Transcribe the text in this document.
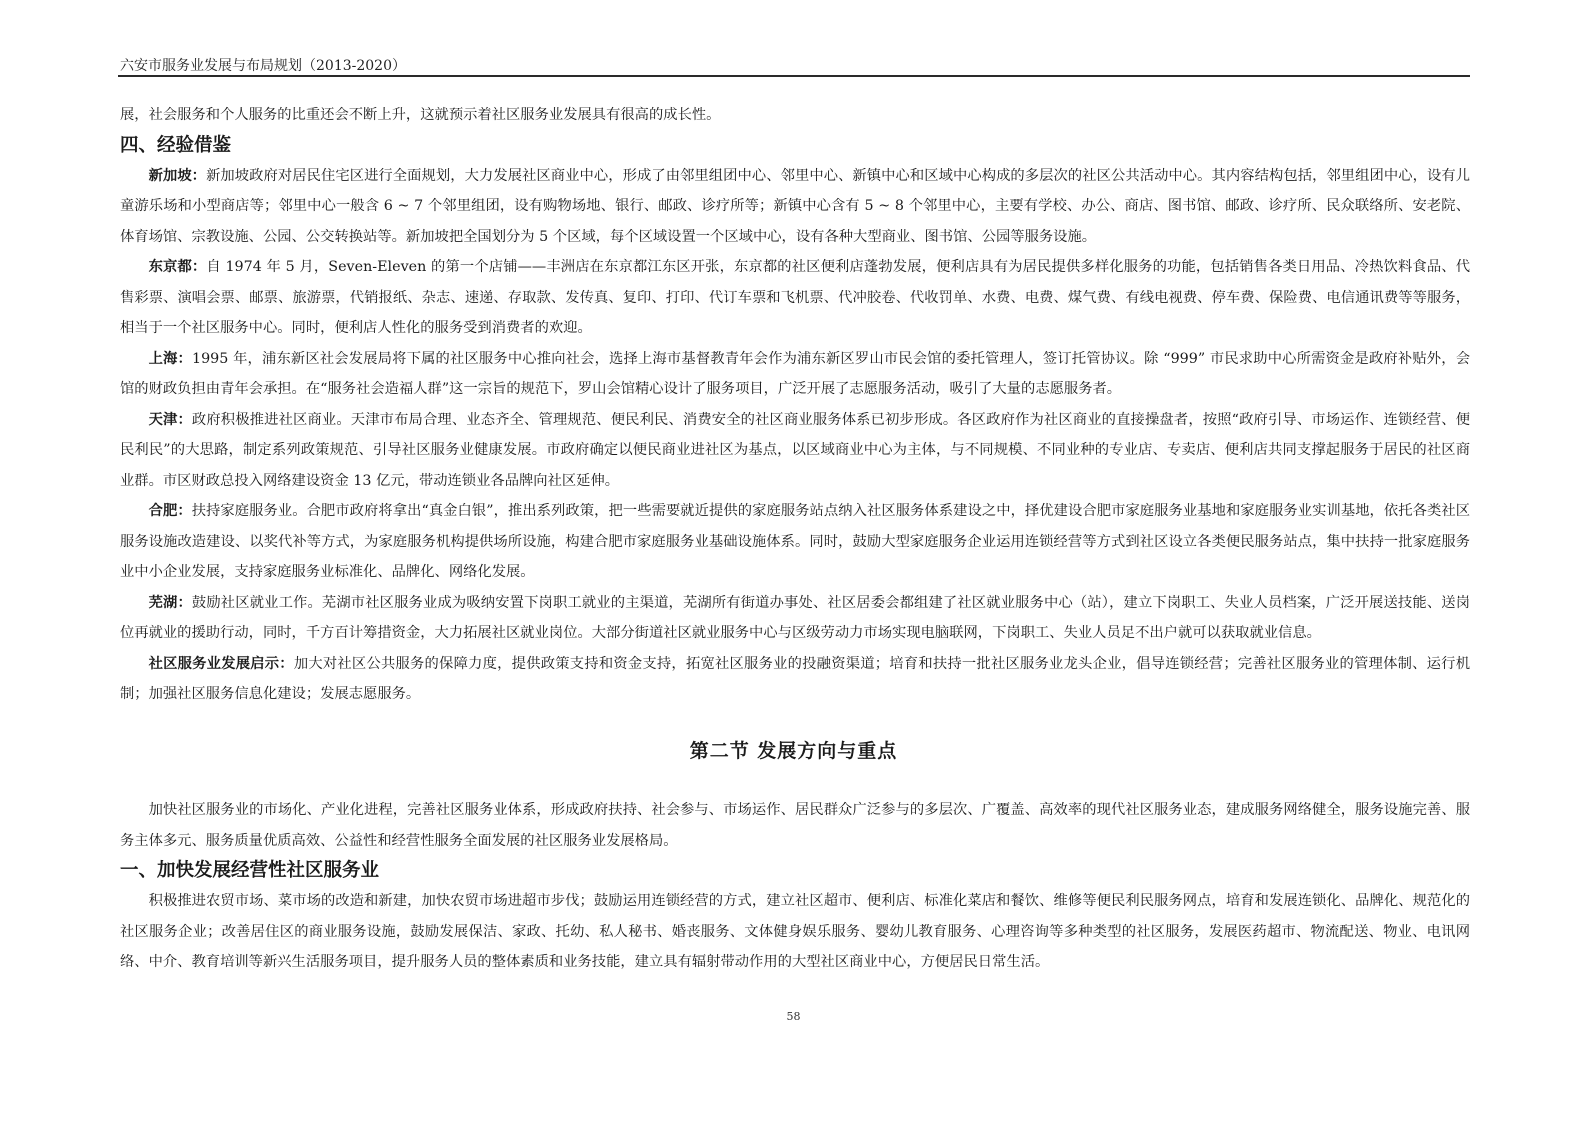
六安市服务业发展与布局规划（2013-2020）

展，社会服务和个人服务的比重还会不断上升，这就预示着社区服务业发展具有很高的成长性。

四、经验借鉴

新加坡：新加坡政府对居民住宅区进行全面规划，大力发展社区商业中心，形成了由邻里组团中心、邻里中心、新镇中心和区域中心构成的多层次的社区公共活动中心。其内容结构包括，邻里组团中心，设有儿童游乐场和小型商店等；邻里中心一般含 6 ~ 7 个邻里组团，设有购物场地、银行、邮政、诊疗所等；新镇中心含有 5 ~ 8 个邻里中心，主要有学校、办公、商店、图书馆、邮政、诊疗所、民众联络所、安老院、体育场馆、宗教设施、公园、公交转换站等。新加坡把全国划分为 5 个区域，每个区域设置一个区域中心，设有各种大型商业、图书馆、公园等服务设施。

东京都：自 1974 年 5 月，Seven-Eleven 的第一个店铺——丰洲店在东京都江东区开张，东京都的社区便利店蓬勃发展，便利店具有为居民提供多样化服务的功能，包括销售各类日用品、冷热饮料食品、代售彩票、演唱会票、邮票、旅游票，代销报纸、杂志、速递、存取款、发传真、复印、打印、代订车票和飞机票、代冲胶卷、代收罚单、水费、电费、煤气费、有线电视费、停车费、保险费、电信通讯费等等服务，相当于一个社区服务中心。同时，便利店人性化的服务受到消费者的欢迎。

上海：1995 年，浦东新区社会发展局将下属的社区服务中心推向社会，选择上海市基督教青年会作为浦东新区罗山市民会馆的委托管理人，签订托管协议。除 “999” 市民求助中心所需资金是政府补贴外，会馆的财政负担由青年会承担。在“服务社会造福人群”这一宗旨的规范下，罗山会馆精心设计了服务项目，广泛开展了志愿服务活动，吸引了大量的志愿服务者。

天津：政府积极推进社区商业。天津市布局合理、业态齐全、管理规范、便民利民、消费安全的社区商业服务体系已初步形成。各区政府作为社区商业的直接操盘者，按照“政府引导、市场运作、连锁经营、便民利民”的大思路，制定系列政策规范、引导社区服务业健康发展。市政府确定以便民商业进社区为基点，以区域商业中心为主体，与不同规模、不同业种的专业店、专卖店、便利店共同支撑起服务于居民的社区商业群。市区财政总投入网络建设资金 13 亿元，带动连锁业各品牌向社区延伸。

合肥：扶持家庭服务业。合肥市政府将拿出“真金白银”，推出系列政策，把一些需要就近提供的家庭服务站点纳入社区服务体系建设之中，择优建设合肥市家庭服务业基地和家庭服务业实训基地，依托各类社区服务设施改造建设、以奖代补等方式，为家庭服务机构提供场所设施，构建合肥市家庭服务业基础设施体系。同时，鼓励大型家庭服务企业运用连锁经营等方式到社区设立各类便民服务站点，集中扶持一批家庭服务业中小企业发展，支持家庭服务业标准化、品牌化、网络化发展。

芜湖：鼓励社区就业工作。芜湖市社区服务业成为吸纳安置下岗职工就业的主渠道，芜湖所有街道办事处、社区居委会都组建了社区就业服务中心（站），建立下岗职工、失业人员档案，广泛开展送技能、送岗位再就业的援助行动，同时，千方百计筹措资金，大力拓展社区就业岗位。大部分街道社区就业服务中心与区级劳动力市场实现电脑联网，下岗职工、失业人员足不出户就可以获取就业信息。

社区服务业发展启示：加大对社区公共服务的保障力度，提供政策支持和资金支持，拓宽社区服务业的投融资渠道；培育和扶持一批社区服务业龙头企业，倡导连锁经营；完善社区服务业的管理体制、运行机制；加强社区服务信息化建设；发展志愿服务。

第二节 发展方向与重点

加快社区服务业的市场化、产业化进程，完善社区服务业体系，形成政府扶持、社会参与、市场运作、居民群众广泛参与的多层次、广覆盖、高效率的现代社区服务业态，建成服务网络健全，服务设施完善、服务主体多元、服务质量优质高效、公益性和经营性服务全面发展的社区服务业发展格局。

一、加快发展经营性社区服务业

积极推进农贸市场、菜市场的改造和新建，加快农贸市场进超市步伐；鼓励运用连锁经营的方式，建立社区超市、便利店、标准化菜店和餐饮、维修等便民利民服务网点，培育和发展连锁化、品牌化、规范化的社区服务企业；改善居住区的商业服务设施，鼓励发展保洁、家政、托幼、私人秘书、婚丧服务、文体健身娱乐服务、婴幼儿教育服务、心理咨询等多种类型的社区服务，发展医药超市、物流配送、物业、电讯网络、中介、教育培训等新兴生活服务项目，提升服务人员的整体素质和业务技能，建立具有辐射带动作用的大型社区商业中心，方便居民日常生活。

58
